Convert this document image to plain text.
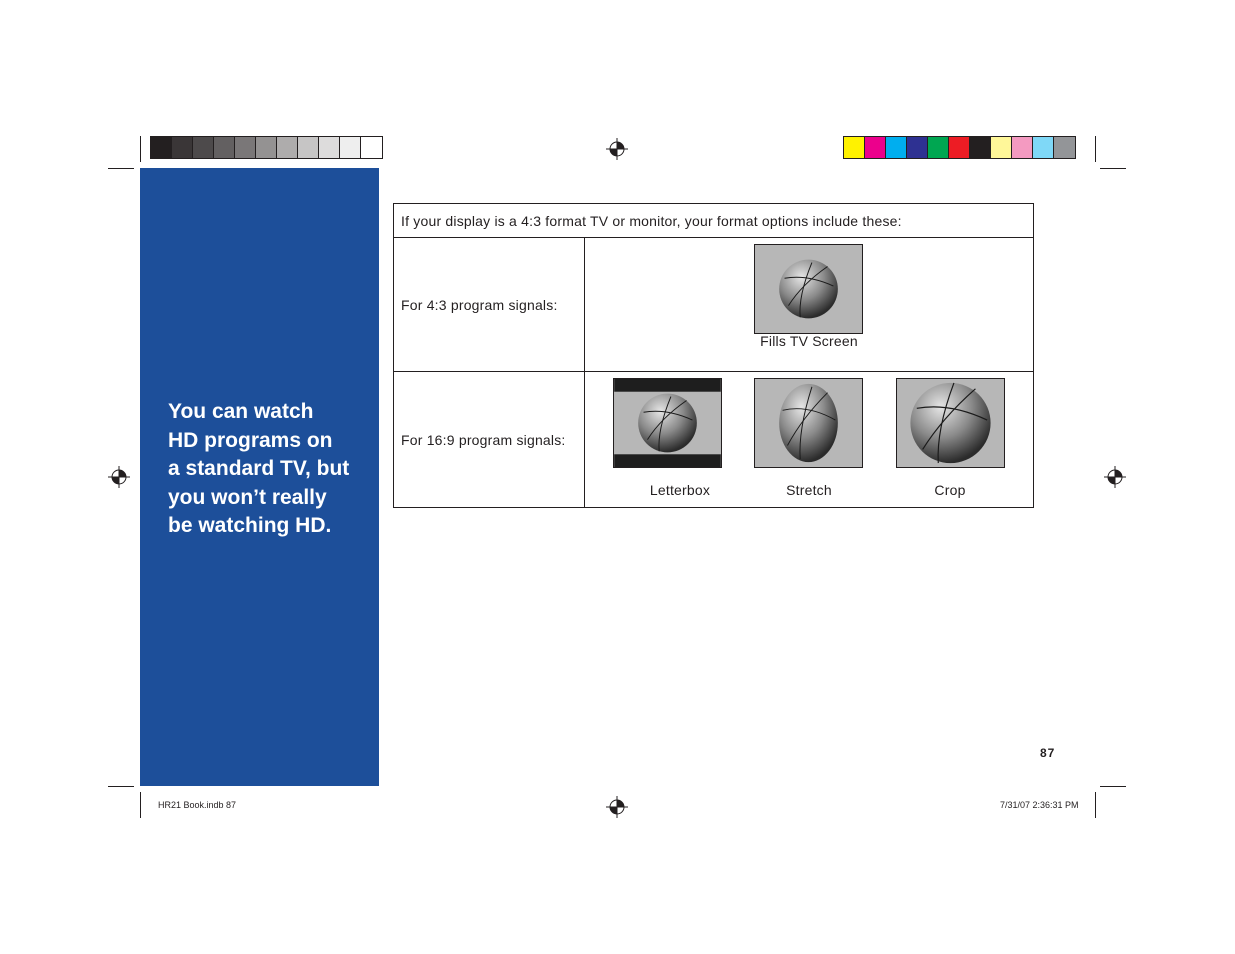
You can watch
HD programs on
a standard TV, but
you won’t really
be watching HD.

If your display is a 4:3 format TV or monitor, your format options include these:
For 4:3 program signals:
Fills TV Screen
For 16:9 program signals:
Letterbox	Stretch	Crop
87
HR21 Book.indb 87	7/31/07 2:36:31 PM
